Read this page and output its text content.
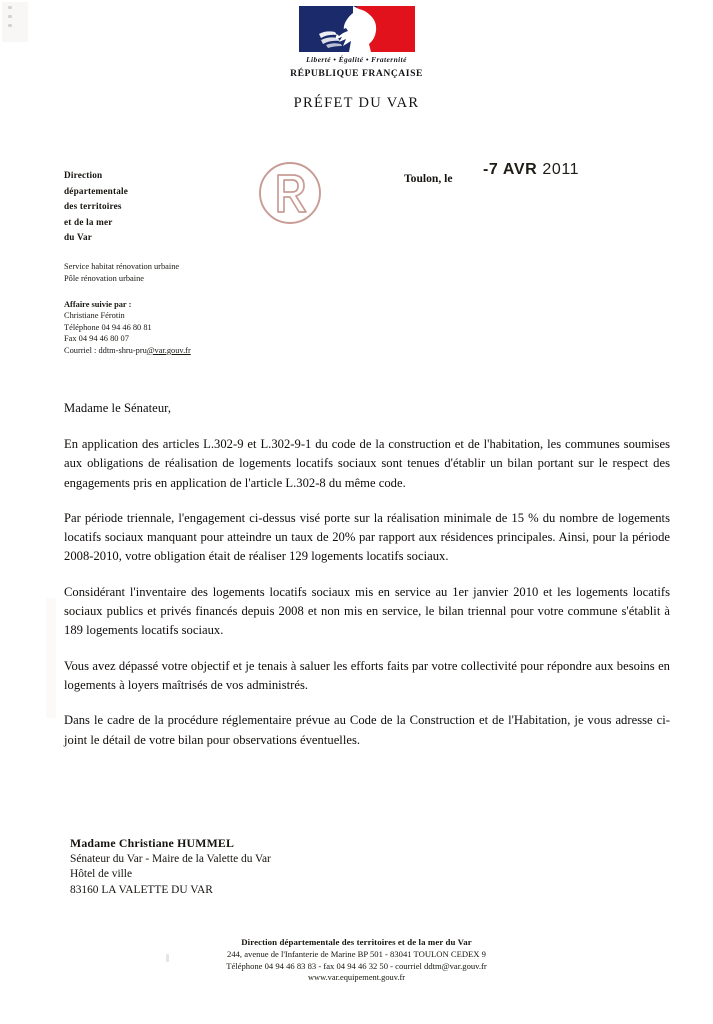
Liberté • Égalité • Fraternité
RÉPUBLIQUE FRANÇAISE
PRÉFET DU VAR
Direction
départementale
des territoires
et de la mer
du Var
Service habitat rénovation urbaine
Pôle rénovation urbaine
Affaire suivie par :
Christiane Férotin
Téléphone 04 94 46 80 81
Fax 04 94 46 80 07
Courriel : ddtm-shru-pru@var.gouv.fr
Toulon, le
-7 AVR 2011
Madame le Sénateur,

En application des articles L.302-9 et L.302-9-1 du code de la construction et de l'habitation, les communes soumises aux obligations de réalisation de logements locatifs sociaux sont tenues d'établir un bilan portant sur le respect des engagements pris en application de l'article L.302-8 du même code.

Par période triennale, l'engagement ci-dessus visé porte sur la réalisation minimale de 15 % du nombre de logements locatifs sociaux manquant pour atteindre un taux de 20% par rapport aux résidences principales. Ainsi, pour la période 2008-2010, votre obligation était de réaliser 129 logements locatifs sociaux.

Considérant l'inventaire des logements locatifs sociaux mis en service au 1er janvier 2010 et les logements locatifs sociaux publics et privés financés depuis 2008 et non mis en service, le bilan triennal pour votre commune s'établit à 189 logements locatifs sociaux.

Vous avez dépassé votre objectif et je tenais à saluer les efforts faits par votre collectivité pour répondre aux besoins en logements à loyers maîtrisés de vos administrés.

Dans le cadre de la procédure réglementaire prévue au Code de la Construction et de l'Habitation, je vous adresse ci-joint le détail de votre bilan pour observations éventuelles.

Madame Christiane HUMMEL
Sénateur du Var - Maire de la Valette du Var
Hôtel de ville
83160 LA VALETTE DU VAR
Direction départementale des territoires et de la mer du Var
244, avenue de l'Infanterie de Marine BP 501 - 83041 TOULON CEDEX 9
Téléphone 04 94 46 83 83 - fax 04 94 46 32 50 - courriel ddtm@var.gouv.fr
www.var.equipement.gouv.fr
